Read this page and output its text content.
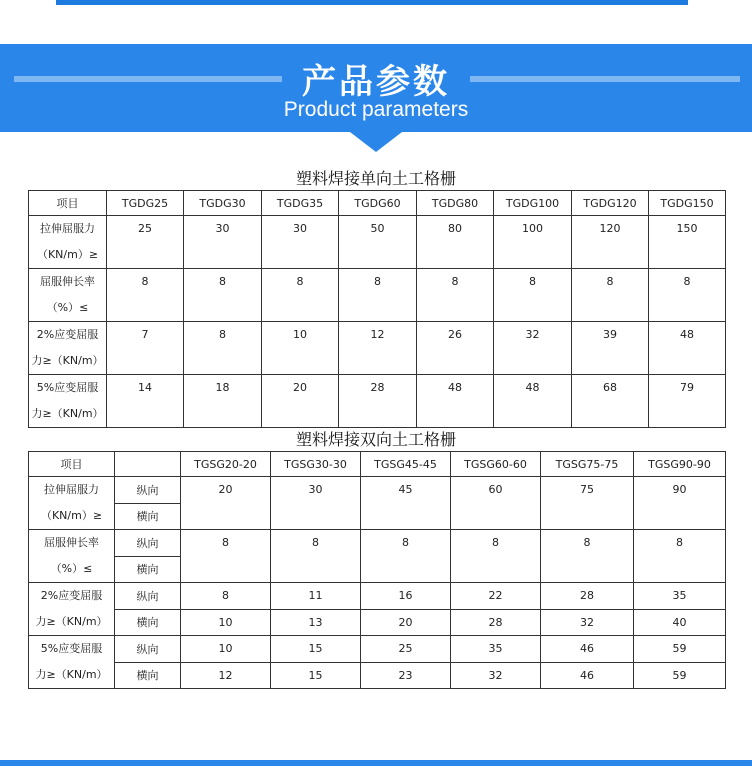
产品参数
Product parameters
塑料焊接单向土工格栅
项目	TGDG25	TGDG30	TGDG35	TGDG60	TGDG80	TGDG100	TGDG120	TGDG150

拉伸屈服力
（KN/m）≥	25	30	30	50	80	100	120	150

屈服伸长率
（%）≤	8	8	8	8	8	8	8	8

2%应变屈服
力≥（KN/m）	7	8	10	12	26	32	39	48

5%应变屈服
力≥（KN/m）	14	18	20	28	48	48	68	79
塑料焊接双向土工格栅
项目		TGSG20-20	TGSG30-30	TGSG45-45	TGSG60-60	TGSG75-75	TGSG90-90

拉伸屈服力
（KN/m）≥	纵向	20	30	45	60	75	90
	横向						

屈服伸长率
（%）≤	纵向	8	8	8	8	8	8
	横向						

2%应变屈服
力≥（KN/m）	纵向	8	11	16	22	28	35
	横向	10	13	20	28	32	40

5%应变屈服
力≥（KN/m）	纵向	10	15	25	35	46	59
	横向	12	15	23	32	46	59
